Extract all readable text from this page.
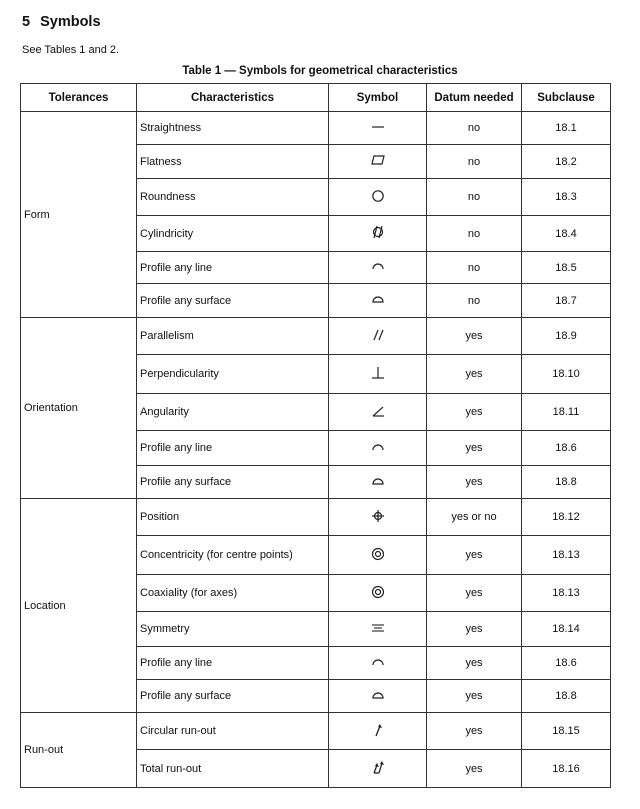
5 Symbols
See Tables 1 and 2.
Table 1 — Symbols for geometrical characteristics
Tolerances	Characteristics	Symbol	Datum needed	Subclause
Form	Straightness		no	18.1
	Flatness		no	18.2
	Roundness		no	18.3
	Cylindricity		no	18.4
	Profile any line		no	18.5
	Profile any surface		no	18.7
Orientation	Parallelism		yes	18.9
	Perpendicularity		yes	18.10
	Angularity		yes	18.11
	Profile any line		yes	18.6
	Profile any surface		yes	18.8
Location	Position		yes or no	18.12
	Concentricity (for centre points)		yes	18.13
	Coaxiality (for axes)		yes	18.13
	Symmetry		yes	18.14
	Profile any line		yes	18.6
	Profile any surface		yes	18.8
Run-out	Circular run-out		yes	18.15
	Total run-out		yes	18.16
